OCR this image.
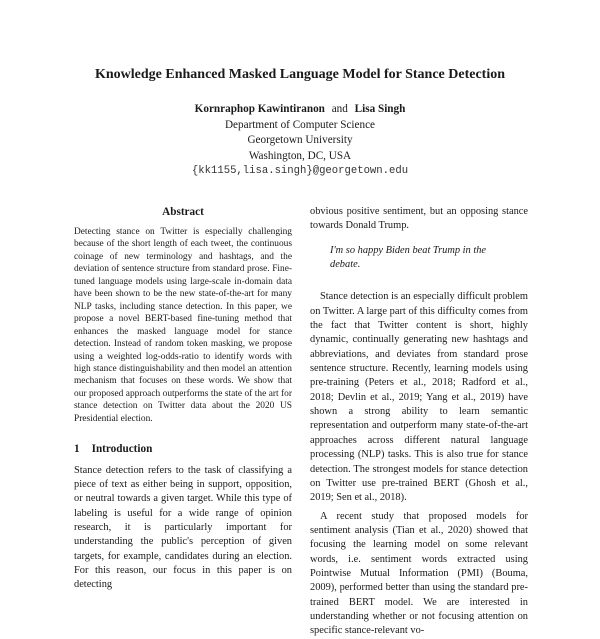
Knowledge Enhanced Masked Language Model for Stance Detection
Kornraphop Kawintiranon and Lisa Singh
Department of Computer Science
Georgetown University
Washington, DC, USA
{kk1155,lisa.singh}@georgetown.edu
Abstract

Detecting stance on Twitter is especially challenging because of the short length of each tweet, the continuous coinage of new terminology and hashtags, and the deviation of sentence structure from standard prose. Fine-tuned language models using large-scale in-domain data have been shown to be the new state-of-the-art for many NLP tasks, including stance detection. In this paper, we propose a novel BERT-based fine-tuning method that enhances the masked language model for stance detection. Instead of random token masking, we propose using a weighted log-odds-ratio to identify words with high stance distinguishability and then model an attention mechanism that focuses on these words. We show that our proposed approach outperforms the state of the art for stance detection on Twitter data about the 2020 US Presidential election.

1 Introduction

Stance detection refers to the task of classifying a piece of text as either being in support, opposition, or neutral towards a given target. While this type of labeling is useful for a wide range of opinion research, it is particularly important for understanding the public's perception of given targets, for example, candidates during an election. For this reason, our focus in this paper is on detecting

obvious positive sentiment, but an opposing stance towards Donald Trump.

I'm so happy Biden beat Trump in the debate.

Stance detection is an especially difficult problem on Twitter. A large part of this difficulty comes from the fact that Twitter content is short, highly dynamic, continually generating new hashtags and abbreviations, and deviates from standard prose sentence structure. Recently, learning models using pre-training (Peters et al., 2018; Radford et al., 2018; Devlin et al., 2019; Yang et al., 2019) have shown a strong ability to learn semantic representation and outperform many state-of-the-art approaches across different natural language processing (NLP) tasks. This is also true for stance detection. The strongest models for stance detection on Twitter use pre-trained BERT (Ghosh et al., 2019; Sen et al., 2018).

A recent study that proposed models for sentiment analysis (Tian et al., 2020) showed that focusing the learning model on some relevant words, i.e. sentiment words extracted using Pointwise Mutual Information (PMI) (Bouma, 2009), performed better than using the standard pre-trained BERT model. We are interested in understanding whether or not focusing attention on specific stance-relevant vo-
